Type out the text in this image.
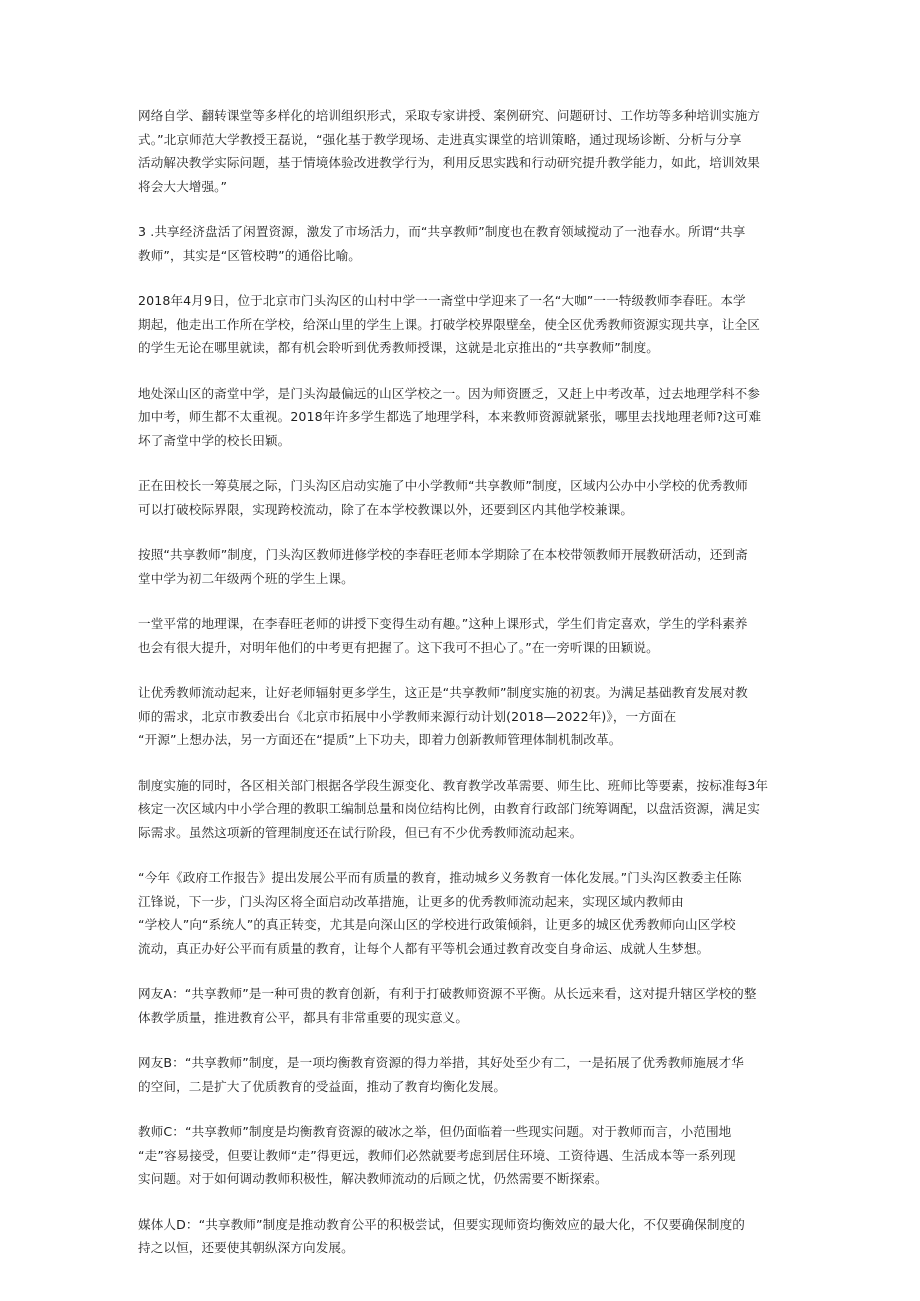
网络自学、翻转课堂等多样化的培训组织形式，采取专家讲授、案例研究、问题研讨、工作坊等多种培训实施方
式。”北京师范大学教授王磊说，“强化基于教学现场、走进真实课堂的培训策略，通过现场诊断、分析与分享
活动解决教学实际问题，基于情境体验改进教学行为，利用反思实践和行动研究提升教学能力，如此，培训效果
将会大大增强。”

3 .共享经济盘活了闲置资源，激发了市场活力，而“共享教师”制度也在教育领域搅动了一池春水。所谓“共享
教师”，其实是“区管校聘”的通俗比喻。

2018年4月9日，位于北京市门头沟区的山村中学一一斋堂中学迎来了一名“大咖”一一特级教师李春旺。本学
期起，他走出工作所在学校，给深山里的学生上课。打破学校界限壁垒，使全区优秀教师资源实现共享，让全区
的学生无论在哪里就读，都有机会聆听到优秀教师授课，这就是北京推出的“共享教师”制度。

地处深山区的斋堂中学，是门头沟最偏远的山区学校之一。因为师资匮乏，又赶上中考改革，过去地理学科不参
加中考，师生都不太重视。2018年许多学生都选了地理学科，本来教师资源就紧张，哪里去找地理老师?这可难
坏了斋堂中学的校长田颖。

正在田校长一筹莫展之际，门头沟区启动实施了中小学教师“共享教师”制度，区域内公办中小学校的优秀教师
可以打破校际界限，实现跨校流动，除了在本学校教课以外，还要到区内其他学校兼课。

按照“共享教师”制度，门头沟区教师进修学校的李春旺老师本学期除了在本校带领教师开展教研活动，还到斋
堂中学为初二年级两个班的学生上课。

一堂平常的地理课，在李春旺老师的讲授下变得生动有趣。”这种上课形式，学生们肯定喜欢，学生的学科素养
也会有很大提升，对明年他们的中考更有把握了。这下我可不担心了。”在一旁听课的田颖说。

让优秀教师流动起来，让好老师辐射更多学生，这正是“共享教师”制度实施的初衷。为满足基础教育发展对教
师的需求，北京市教委出台《北京市拓展中小学教师来源行动计划(2018—2022年)》，一方面在
“开源”上想办法，另一方面还在“提质”上下功夫，即着力创新教师管理体制机制改革。

制度实施的同时，各区相关部门根据各学段生源变化、教育教学改革需要、师生比、班师比等要素，按标准每3年
核定一次区域内中小学合理的教职工编制总量和岗位结构比例，由教育行政部门统筹调配，以盘活资源，满足实
际需求。虽然这项新的管理制度还在试行阶段，但已有不少优秀教师流动起来。

“今年《政府工作报告》提出发展公平而有质量的教育，推动城乡义务教育一体化发展。”门头沟区教委主任陈
江锋说，下一步，门头沟区将全面启动改革措施，让更多的优秀教师流动起来，实现区域内教师由
“学校人”向“系统人”的真正转变，尤其是向深山区的学校进行政策倾斜，让更多的城区优秀教师向山区学校
流动，真正办好公平而有质量的教育，让每个人都有平等机会通过教育改变自身命运、成就人生梦想。

网友A：“共享教师”是一种可贵的教育创新，有利于打破教师资源不平衡。从长远来看，这对提升辖区学校的整
体教学质量，推进教育公平，都具有非常重要的现实意义。

网友B：“共享教师”制度，是一项均衡教育资源的得力举措，其好处至少有二，一是拓展了优秀教师施展才华
的空间，二是扩大了优质教育的受益面，推动了教育均衡化发展。

教师C：“共享教师”制度是均衡教育资源的破冰之举，但仍面临着一些现实问题。对于教师而言，小范围地
“走”容易接受，但要让教师“走”得更远，教师们必然就要考虑到居住环境、工资待遇、生活成本等一系列现
实问题。对于如何调动教师积极性，解决教师流动的后顾之忧，仍然需要不断探索。

媒体人D：“共享教师”制度是推动教育公平的积极尝试，但要实现师资均衡效应的最大化，不仅要确保制度的
持之以恒，还要使其朝纵深方向发展。
